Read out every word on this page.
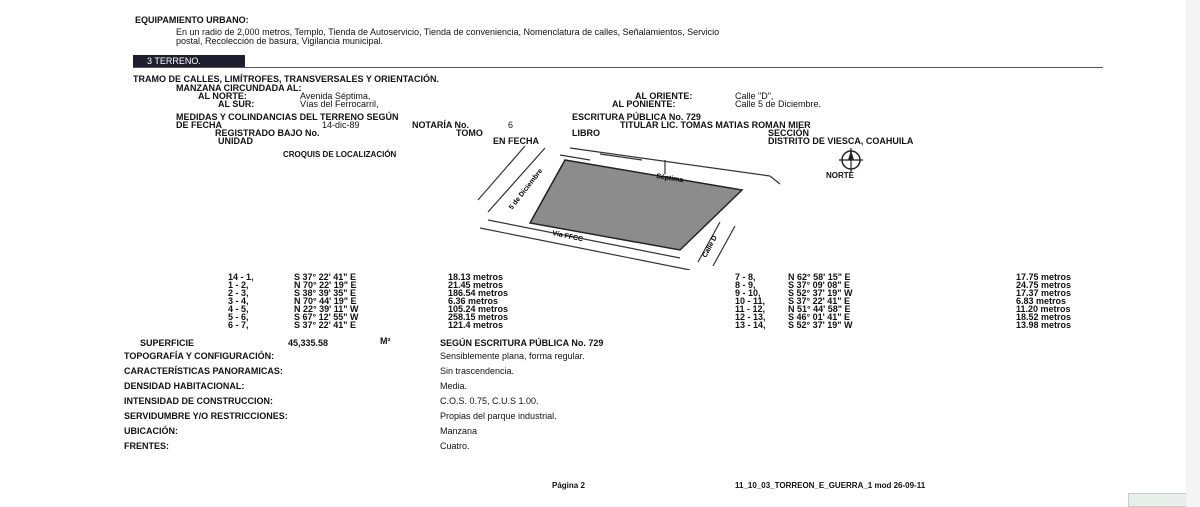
EQUIPAMIENTO URBANO:
En un radio de 2,000 metros, Templo, Tienda de Autoservicio, Tienda de conveniencia, Nomenclatura de calles, Señalamientos, Servicio
postal, Recolección de basura, Vigilancia municipal.
3 TERRENO.
TRAMO DE CALLES, LIMÍTROFES, TRANSVERSALES Y ORIENTACIÓN.
MANZANA CIRCUNDADA AL:
AL NORTE:	Avenida Séptima,
AL SUR:	Vías del Ferrocarril,
AL ORIENTE:	Calle "D",
AL PONIENTE:	Calle 5 de Diciembre.
MEDIDAS Y COLINDANCIAS DEL TERRENO SEGÚN	ESCRITURA PÚBLICA No. 729
DE FECHA	14-dic-89	NOTARÍA No.	6	TITULAR LIC. TOMAS MATIAS ROMAN MIER
REGISTRADO BAJO No.	TOMO	LIBRO	SECCIÓN
UNIDAD	EN FECHA	DISTRITO DE VIESCA, COAHUILA
CROQUIS DE LOCALIZACIÓN
Séptima
5 de Diciembre
Vía FFCC	Calle D
NORTE
14 - 1,	S 37° 22' 41" E	18.13 metros
1 - 2,	N 70° 22' 19" E	21.45 metros
2 - 3,	S 38° 39' 35" E	186.54 metros
3 - 4,	N 70° 44' 19" E	6.36 metros
4 - 5,	N 22° 39' 11" W	105.24 metros
5 - 6,	S 67° 12' 55" W	258.15 metros
6 - 7,	S 37° 22' 41" E	121.4 metros
7 - 8,	N 62° 58' 15" E	17.75 metros
8 - 9,	S 37° 09' 08" E	24.75 metros
9 - 10,	S 52° 37' 19" W	17.37 metros
10 - 11,	S 37° 22' 41" E	6.83 metros
11 - 12,	N 51° 44' 58" E	11.20 metros
12 - 13, S 46° 01' 41" E	18.52 metros
13 - 14, S 52° 37' 19" W	13.98 metros
SUPERFICIE	45,335.58	M²	SEGÚN ESCRITURA PÚBLICA No. 729
TOPOGRAFÍA Y CONFIGURACIÓN:	Sensiblemente plana, forma regular.
CARACTERÍSTICAS PANORAMICAS:	Sin trascendencia.
DENSIDAD HABITACIONAL:	Media.
INTENSIDAD DE CONSTRUCCION:	C.O.S. 0.75, C.U.S 1.00.
SERVIDUMBRE Y/O RESTRICCIONES:	Propias del parque industrial.
UBICACIÓN:	Manzana
FRENTES:	Cuatro.
Página 2	11_10_03_TORREON_E_GUERRA_1 mod 26-09-11
